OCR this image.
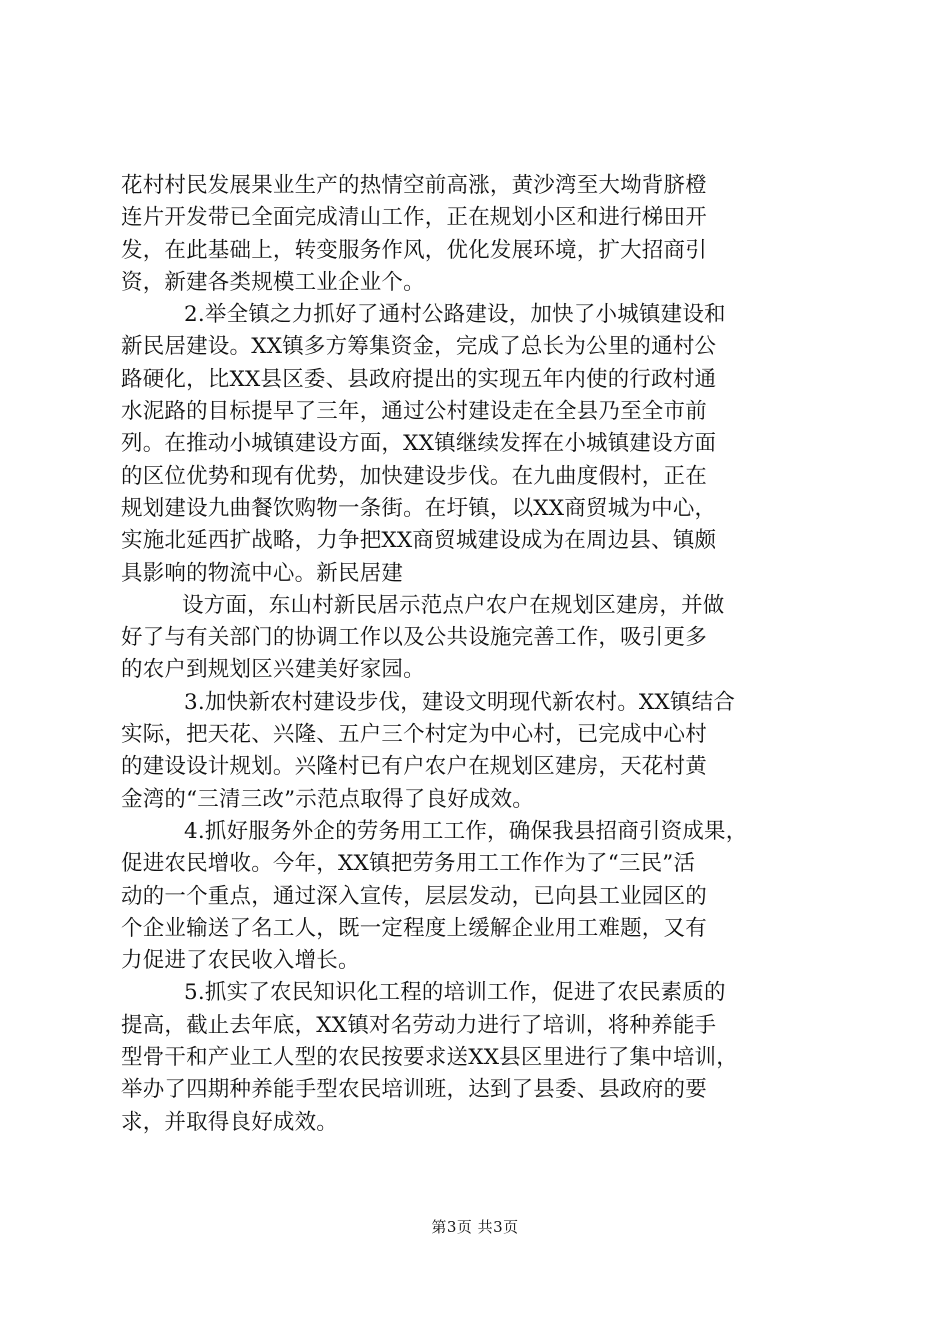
花村村民发展果业生产的热情空前高涨，黄沙湾至大坳背脐橙
连片开发带已全面完成清山工作，正在规划小区和进行梯田开
发，在此基础上，转变服务作风，优化发展环境，扩大招商引
资，新建各类规模工业企业个。
2.举全镇之力抓好了通村公路建设，加快了小城镇建设和
新民居建设。XX镇多方筹集资金，完成了总长为公里的通村公
路硬化，比XX县区委、县政府提出的实现五年内使的行政村通
水泥路的目标提早了三年，通过公村建设走在全县乃至全市前
列。在推动小城镇建设方面，XX镇继续发挥在小城镇建设方面
的区位优势和现有优势，加快建设步伐。在九曲度假村，正在
规划建设九曲餐饮购物一条街。在圩镇，以XX商贸城为中心，
实施北延西扩战略，力争把XX商贸城建设成为在周边县、镇颇
具影响的物流中心。新民居建
设方面，东山村新民居示范点户农户在规划区建房，并做
好了与有关部门的协调工作以及公共设施完善工作，吸引更多
的农户到规划区兴建美好家园。
3.加快新农村建设步伐，建设文明现代新农村。XX镇结合
实际，把天花、兴隆、五户三个村定为中心村，已完成中心村
的建设设计规划。兴隆村已有户农户在规划区建房，天花村黄
金湾的“三清三改”示范点取得了良好成效。
4.抓好服务外企的劳务用工工作，确保我县招商引资成果，
促进农民增收。今年，XX镇把劳务用工工作作为了“三民”活
动的一个重点，通过深入宣传，层层发动，已向县工业园区的
个企业输送了名工人，既一定程度上缓解企业用工难题，又有
力促进了农民收入增长。
5.抓实了农民知识化工程的培训工作，促进了农民素质的
提高，截止去年底，XX镇对名劳动力进行了培训，将种养能手
型骨干和产业工人型的农民按要求送XX县区里进行了集中培训，
举办了四期种养能手型农民培训班，达到了县委、县政府的要
求，并取得良好成效。
第3页 共3页
